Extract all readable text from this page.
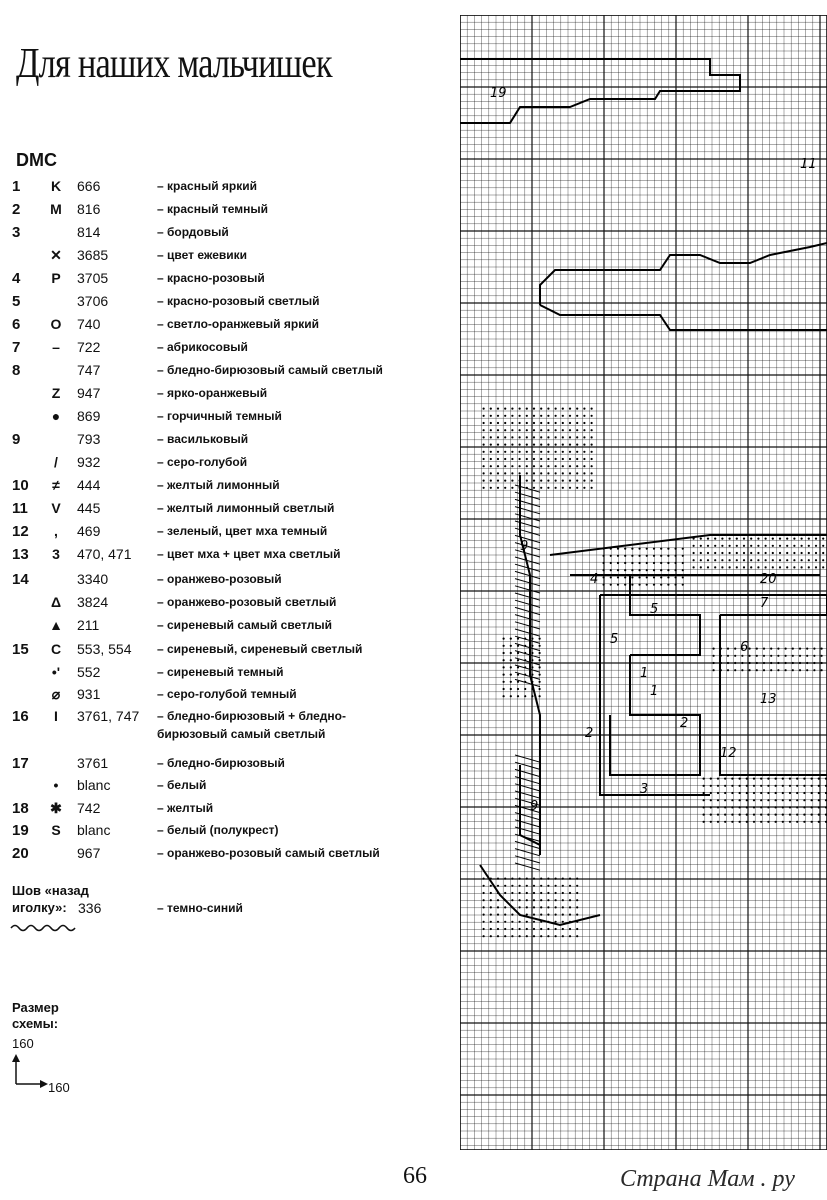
Для наших мальчишек
DMC
1	K	666	– красный яркий
2	M 816	– красный темный
3	814	– бордовый
✕ 3685	– цвет ежевики
4	P	3705	– красно-розовый
5	3706	– красно-розовый светлый
6	O	740	– светло-оранжевый яркий
7	–	722	– абрикосовый
8	747	– бледно-бирюзовый самый светлый
Z	947	– ярко-оранжевый
●	869	– горчичный темный
9	793	– васильковый
/	932	– серо-голубой
10	≠	444	– желтый лимонный
11	V	445	– желтый лимонный светлый
12	,	469	– зеленый, цвет мха темный
13	3	470, 471 – цвет мха + цвет мха светлый
14	3340	– оранжево-розовый
Δ	3824	– оранжево-розовый светлый
▲ 211	– сиреневый самый светлый
15	C	553, 554 – сиреневый, сиреневый светлый
•'	552	– сиреневый темный
⌀	931	– серо-голубой темный
16	I	3761, 747 – бледно-бирюзовый + бледно-
бирюзовый самый светлый
17	3761	– бледно-бирюзовый
•	blanc	– белый
18	✱ 742	– желтый
19	S	blanc	– белый (полукрест)
20	967	– оранжево-розовый самый светлый
Шов «назад
иголку»: 336	– темно-синий
Размер
схемы:
160
160
19
11
20
7
6
5
4
1
5
1
2
13
12
2
3
9
9
66	Страна Мам . ру
